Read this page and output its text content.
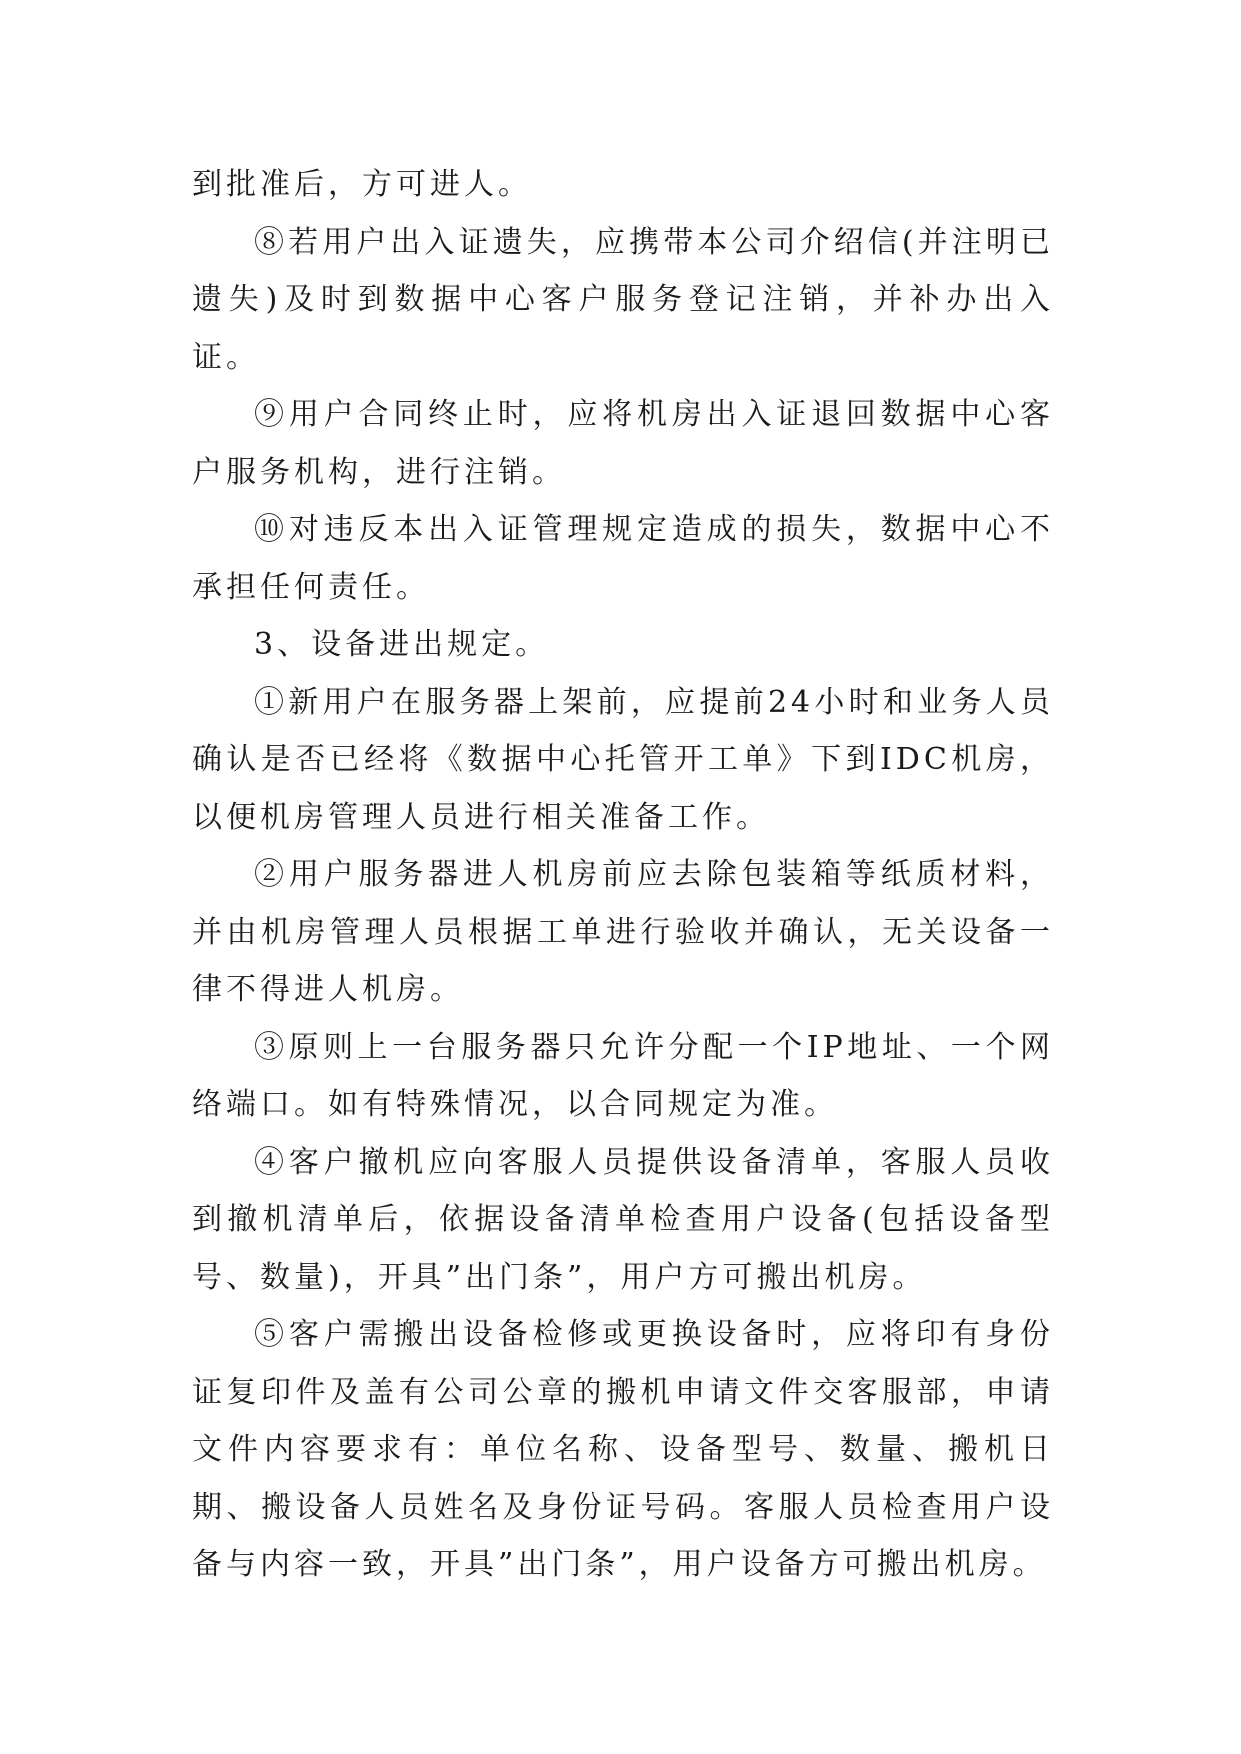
到批准后，方可进人。

⑧若用户出入证遗失，应携带本公司介绍信(并注明已遗失)及时到数据中心客户服务登记注销，并补办出入证。

⑨用户合同终止时，应将机房出入证退回数据中心客户服务机构，进行注销。

⑩对违反本出入证管理规定造成的损失，数据中心不承担任何责任。

3、设备进出规定。

①新用户在服务器上架前，应提前24小时和业务人员确认是否已经将《数据中心托管开工单》下到IDC机房，以便机房管理人员进行相关准备工作。

②用户服务器进人机房前应去除包装箱等纸质材料，并由机房管理人员根据工单进行验收并确认，无关设备一律不得进人机房。

③原则上一台服务器只允许分配一个IP地址、一个网络端口。如有特殊情况，以合同规定为准。

④客户撤机应向客服人员提供设备清单，客服人员收到撤机清单后，依据设备清单检查用户设备(包括设备型号、数量)，开具”出门条”，用户方可搬出机房。

⑤客户需搬出设备检修或更换设备时，应将印有身份证复印件及盖有公司公章的搬机申请文件交客服部，申请文件内容要求有：单位名称、设备型号、数量、搬机日期、搬设备人员姓名及身份证号码。客服人员检查用户设备与内容一致，开具”出门条”，用户设备方可搬出机房。
